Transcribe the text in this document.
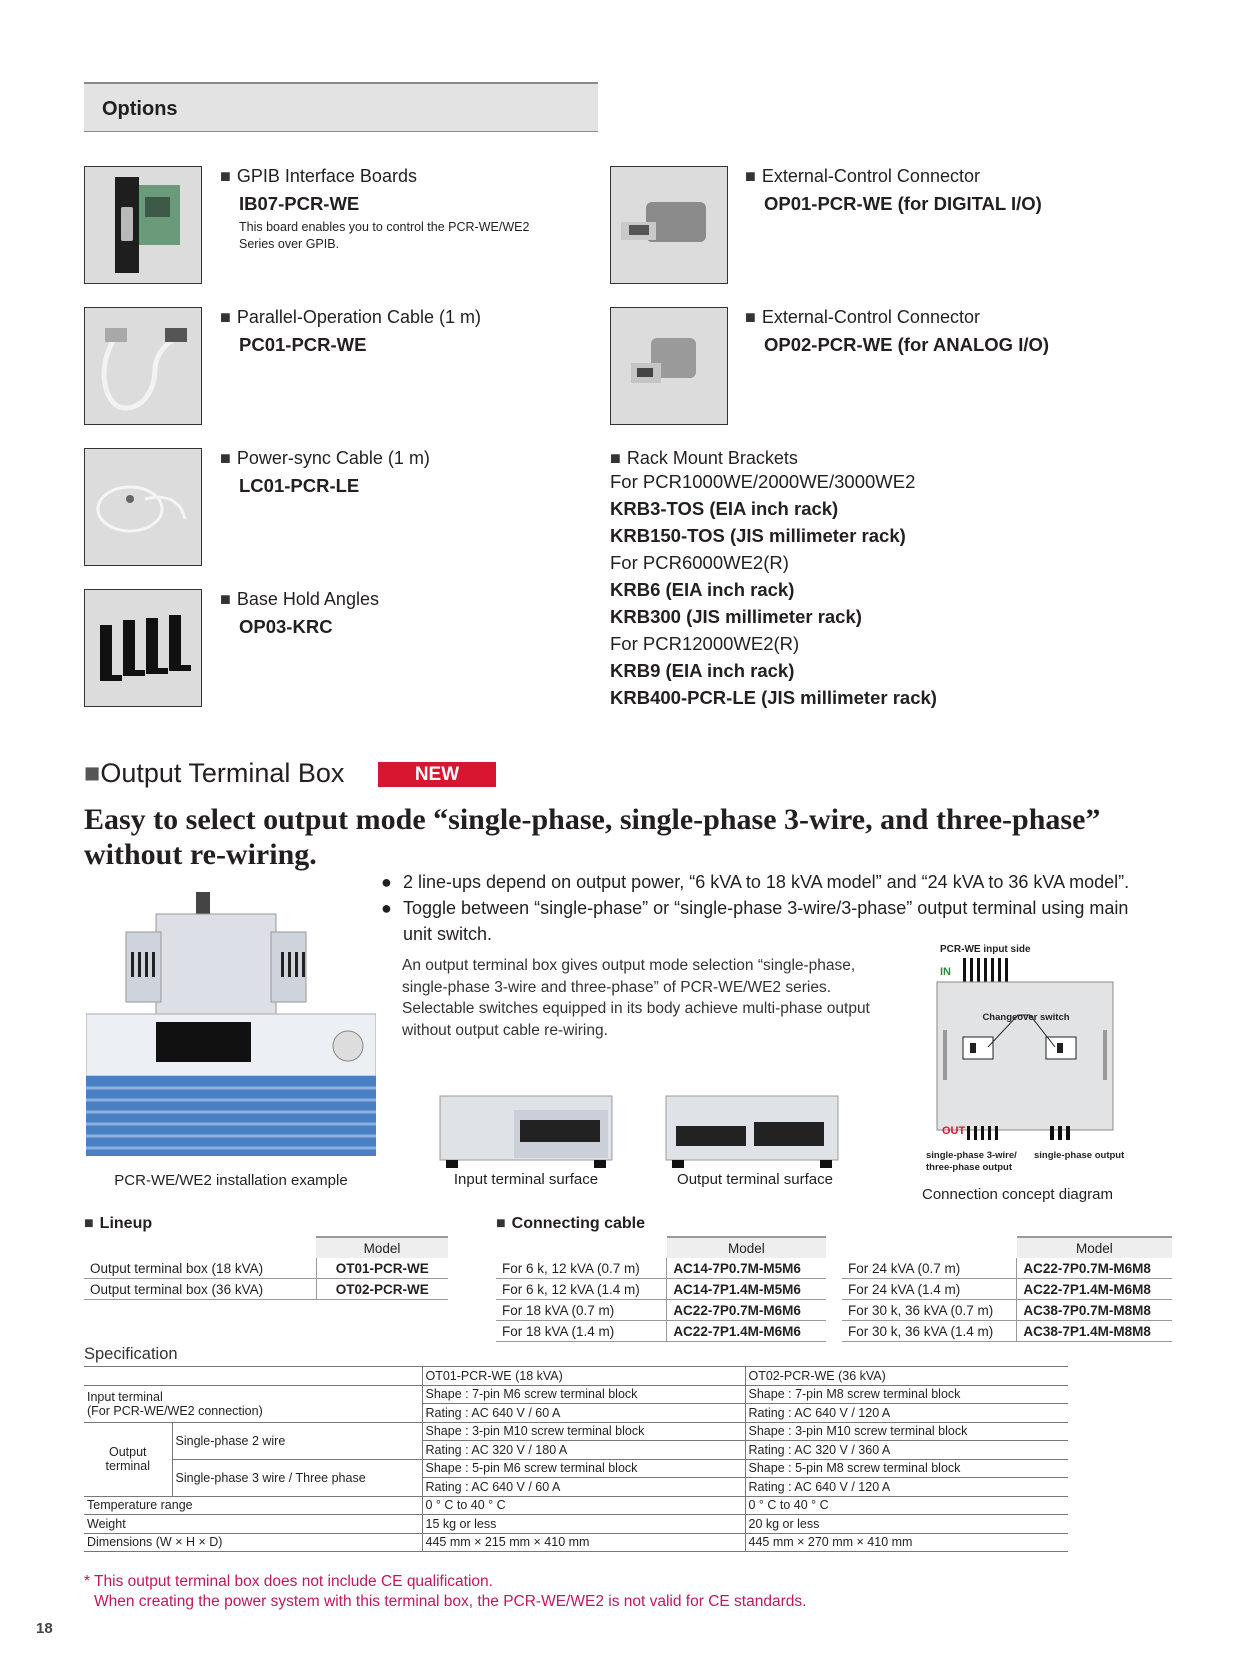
Options
■ GPIB Interface Boards
IB07-PCR-WE
This board enables you to control the PCR-WE/WE2
Series over GPIB.
■ Parallel-Operation Cable (1 m)
PC01-PCR-WE
■ Power-sync Cable (1 m)
LC01-PCR-LE
■ Base Hold Angles
OP03-KRC
■ External-Control Connector
OP01-PCR-WE (for DIGITAL I/O)
■ External-Control Connector
OP02-PCR-WE (for ANALOG I/O)
■ Rack Mount Brackets
For PCR1000WE/2000WE/3000WE2
KRB3-TOS (EIA inch rack)
KRB150-TOS (JIS millimeter rack)
For PCR6000WE2(R)
KRB6 (EIA inch rack)
KRB300 (JIS millimeter rack)
For PCR12000WE2(R)
KRB9 (EIA inch rack)
KRB400-PCR-LE (JIS millimeter rack)
■Output Terminal Box	NEW
Easy to select output mode “single-phase, single-phase 3-wire, and three-phase”
without re-wiring.
● 2 line-ups depend on output power, “6 kVA to 18 kVA model” and “24 kVA to 36 kVA model”.
● Toggle between “single-phase” or “single-phase 3-wire/3-phase” output terminal using main
unit switch.
An output terminal box gives output mode selection “single-phase,
single-phase 3-wire and three-phase” of PCR-WE/WE2 series.
Selectable switches equipped in its body achieve multi-phase output
without output cable re-wiring.
PCR-WE/WE2 installation example	Input terminal surface	Output terminal surface
PCR-WE input side
IN
Changeover switch
OUT
single-phase 3-wire/
three-phase output
single-phase output
Connection concept diagram
■ Lineup
	Model
Output terminal box (18 kVA)	OT01-PCR-WE
Output terminal box (36 kVA)	OT02-PCR-WE
■ Connecting cable
	Model
For 6 k, 12 kVA (0.7 m)	AC14-7P0.7M-M5M6
For 6 k, 12 kVA (1.4 m)	AC14-7P1.4M-M5M6
For 18 kVA (0.7 m)	AC22-7P0.7M-M6M6
For 18 kVA (1.4 m)	AC22-7P1.4M-M6M6
	Model
For 24 kVA (0.7 m)	AC22-7P0.7M-M6M8
For 24 kVA (1.4 m)	AC22-7P1.4M-M6M8
For 30 k, 36 kVA (0.7 m)	AC38-7P0.7M-M8M8
For 30 k, 36 kVA (1.4 m)	AC38-7P1.4M-M8M8
Specification
		OT01-PCR-WE (18 kVA)	OT02-PCR-WE (36 kVA)

Input terminal
(For PCR-WE/WE2 connection)		Shape : 7-pin M6 screw terminal block	Shape : 7-pin M8 screw terminal block
		Rating : AC 640 V / 60 A	Rating : AC 640 V / 120 A

Output
terminal	Single-phase 2 wire	Shape : 3-pin M10 screw terminal block	Shape : 3-pin M10 screw terminal block
		Rating : AC 320 V / 180 A	Rating : AC 320 V / 360 A
	Single-phase 3 wire / Three phase	Shape : 5-pin M6 screw terminal block	Shape : 5-pin M8 screw terminal block
		Rating : AC 640 V / 60 A	Rating : AC 640 V / 120 A
Temperature range		0 ° C to 40 ° C	0 ° C to 40 ° C
Weight		15 kg or less	20 kg or less
Dimensions (W × H × D)		445 mm × 215 mm × 410 mm	445 mm × 270 mm × 410 mm
* This output terminal box does not include CE qualification.
When creating the power system with this terminal box, the PCR-WE/WE2 is not valid for CE standards.
18
